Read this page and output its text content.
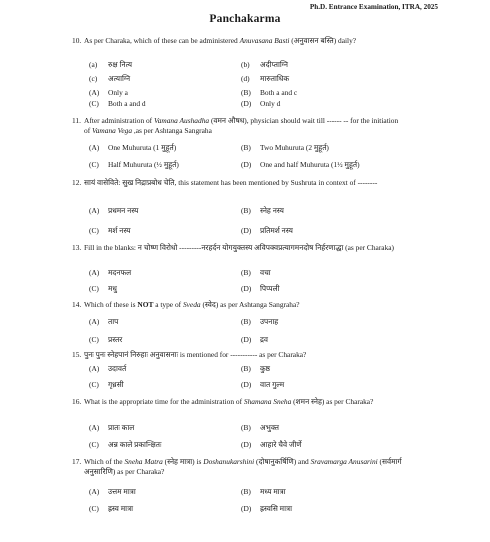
Ph.D. Entrance Examination, ITRA, 2025
Panchakarma
10. As per Charaka, which of these can be administered Anuvasana Basti (अनुवासन बस्ति) daily?
(a) रुक्ष नित्य	(b) अदीप्ताग्नि
(c) अत्याग्नि	(d) मारुताधिक
(A) Only a	(B) Both a and c
(C) Both a and d	(D) Only d
11. After administration of Vamana Aushadha (वमन औषध), physician should wait till ------ -- for the initiation of Vamana Vega ,as per Ashtanga Sangraha
(A) One Muhuruta (1 मुहूर्त)	(B) Two Muhuruta (2 मुहूर्त)
(C) Half Muhuruta (½ मुहूर्त)	(D) One and half Muhuruta (1½ मुहूर्त)
12. सायं वासेविते: सुख निद्राप्रबोध चेति, this statement has been mentioned by Sushruta in context of --------
(A) प्रधमन नस्य	(B) स्नेह नस्य
(C) मर्श नस्य	(D) प्रतिमर्श नस्य
13. Fill in the blanks: न चोष्ण विरोधो ---------नरहर्दन योगयुक्तस्य अविपक्वप्रत्यागमनदोष निर्हरणाद्धा (as per Charaka)
(A) मदनफल	(B) वचा
(C) मधु	(D) पिप्पली
14. Which of these is NOT a type of Sveda (स्वेद) as per Ashtanga Sangraha?
(A) ताप	(B) उपनाह
(C) प्रस्तर	(D) द्रव
15. पुनः पुनः स्नेहपानं निरुहाः अनुवासनाः is mentioned for ----------- as per Charaka?
(A) उदावर्त	(B) कुष्ठ
(C) गृध्रसी	(D) वात गुल्म
16. What is the appropriate time for the administration of Shamana Sneha (शमन स्नेह) as per Charaka?
(A) प्रातः काल	(B) अभुक्त
(C) अन्न काले प्रकान्क्षितः	(D) आहारे चैवे जीर्णे
17. Which of the Sneha Matra (स्नेह मात्रा) is Doshanukarshini (दोषानुकर्षिणि) and Sravamarga Anusarini (सर्वमार्ग अनुसारिणि) as per Charaka?
(A) उत्तम मात्रा	(B) मध्य मात्रा
(C) ह्रस्व मात्रा	(D) ह्रस्वसि मात्रा
